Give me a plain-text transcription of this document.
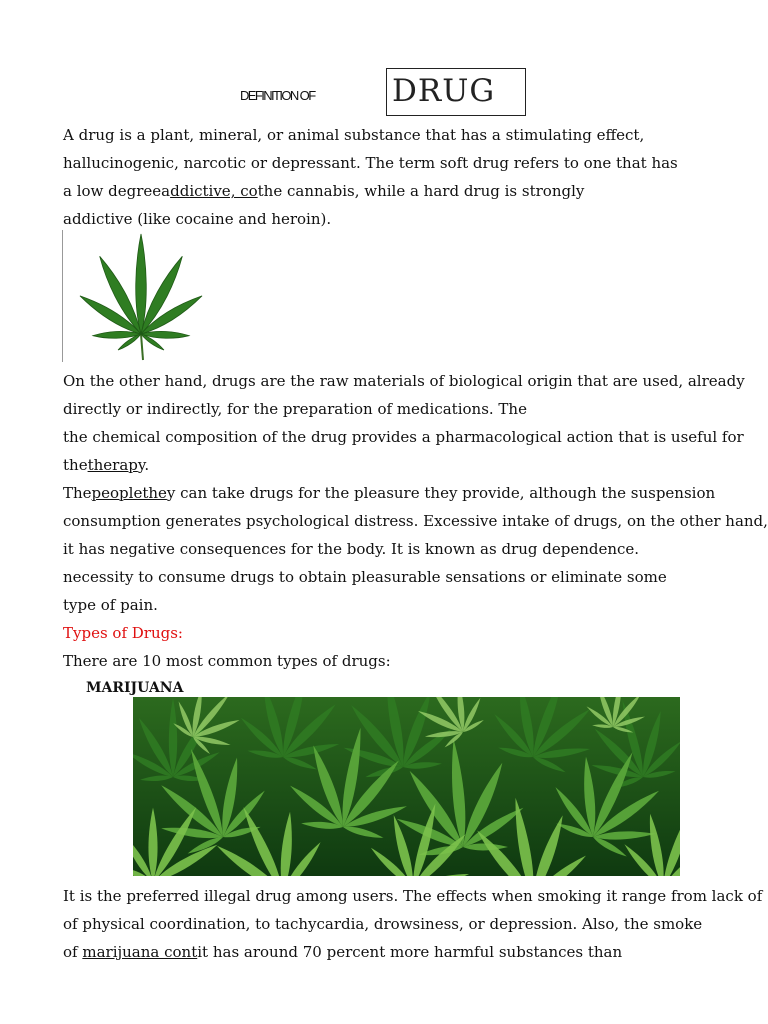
DEFINITION OF DRUG
A drug is a plant, mineral, or animal substance that has a stimulating effect,
hallucinogenic, narcotic or depressant. The term soft drug refers to one that has
a low degreeaddictive, cothe cannabis, while a hard drug is strongly
addictive (like cocaine and heroin).
On the other hand, drugs are the raw materials of biological origin that are used, already
directly or indirectly, for the preparation of medications. The
the chemical composition of the drug provides a pharmacological action that is useful for
thetherapy.
Thepeoplethey can take drugs for the pleasure they provide, although the suspension
consumption generates psychological distress. Excessive intake of drugs, on the other hand,
it has negative consequences for the body. It is known as drug dependence.
necessity to consume drugs to obtain pleasurable sensations or eliminate some
type of pain.
Types of Drugs:
There are 10 most common types of drugs:
MARIJUANA
It is the preferred illegal drug among users. The effects when smoking it range from lack of
of physical coordination, to tachycardia, drowsiness, or depression. Also, the smoke
of marijuana contit has around 70 percent more harmful substances than
